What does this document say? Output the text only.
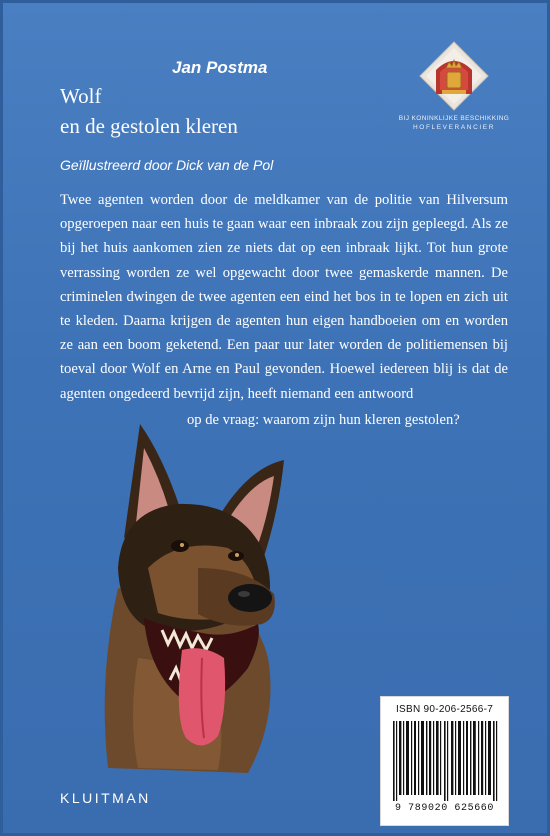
Jan Postma
Wolf
en de gestolen kleren
Geïllustreerd door Dick van de Pol
Twee agenten worden door de meldkamer van de politie van Hilversum opgeroepen naar een huis te gaan waar een inbraak zou zijn gepleegd. Als ze bij het huis aankomen zien ze niets dat op een inbraak lijkt. Tot hun grote verrassing worden ze wel opgewacht door twee gemaskerde mannen. De criminelen dwingen de twee agenten een eind het bos in te lopen en zich uit te kleden. Daarna krijgen de agenten hun eigen handboeien om en worden ze aan een boom geketend. Een paar uur later worden de politiemensen bij toeval door Wolf en Arne en Paul gevonden. Hoewel iedereen blij is dat de agenten ongedeerd bevrijd zijn, heeft niemand een antwoord
op de vraag: waarom zijn hun kleren gestolen?
BIJ KONINKLIJKE BESCHIKKING
HOFLEVERANCIER
KLUITMAN
ISBN 90-206-2566-7
9 789020 625660
